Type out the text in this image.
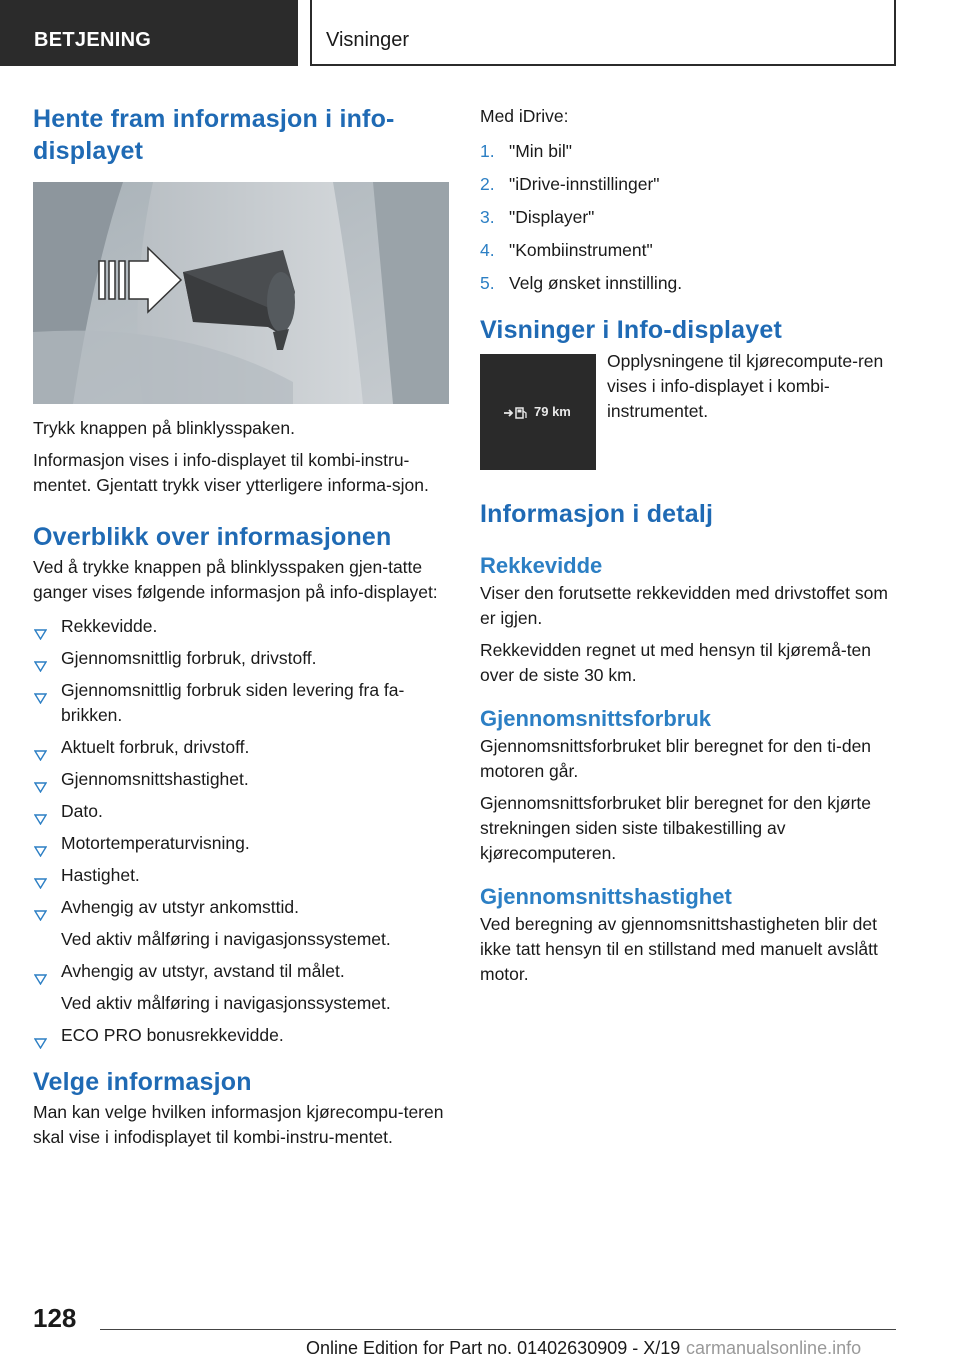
BETJENING	Visninger
Hente fram informasjon i info-
displayet

Trykk knappen på blinklysspaken.

Informasjon vises i info-displayet til kombi-instru-mentet. Gjentatt trykk viser ytterligere informa-sjon.

Overblikk over informasjonen

Ved å trykke knappen på blinklysspaken gjen-tatte ganger vises følgende informasjon på info-displayet:

Rekkevidde.
Gjennomsnittlig forbruk, drivstoff.
Gjennomsnittlig forbruk siden levering fra fa-brikken.
Aktuelt forbruk, drivstoff.
Gjennomsnittshastighet.
Dato.
Motortemperaturvisning.
Hastighet.
Avhengig av utstyr ankomsttid.
Ved aktiv målføring i navigasjonssystemet.
Avhengig av utstyr, avstand til målet.
Ved aktiv målføring i navigasjonssystemet.
ECO PRO bonusrekkevidde.
Velge informasjon

Man kan velge hvilken informasjon kjørecompu-teren skal vise i infodisplayet til kombi-instru-mentet.

Med iDrive:

1. "Min bil"
2. "iDrive-innstillinger"
3. "Displayer"
4. "Kombiinstrument"
5. Velg ønsket innstilling.
Visninger i Info-displayet
79 km

Opplysningene til kjørecompute-ren vises i info-displayet i kombi-instrumentet.

Informasjon i detalj
Rekkevidde

Viser den forutsette rekkevidden med drivstoffet som er igjen.

Rekkevidden regnet ut med hensyn til kjøremå-ten over de siste 30 km.

Gjennomsnittsforbruk

Gjennomsnittsforbruket blir beregnet for den ti-den motoren går.

Gjennomsnittsforbruket blir beregnet for den kjørte strekningen siden siste tilbakestilling av kjørecomputeren.

Gjennomsnittshastighet

Ved beregning av gjennomsnittshastigheten blir det ikke tatt hensyn til en stillstand med manuelt avslått motor.

128
Online Edition for Part no. 01402630909 - X/19 carmanualsonline.info
